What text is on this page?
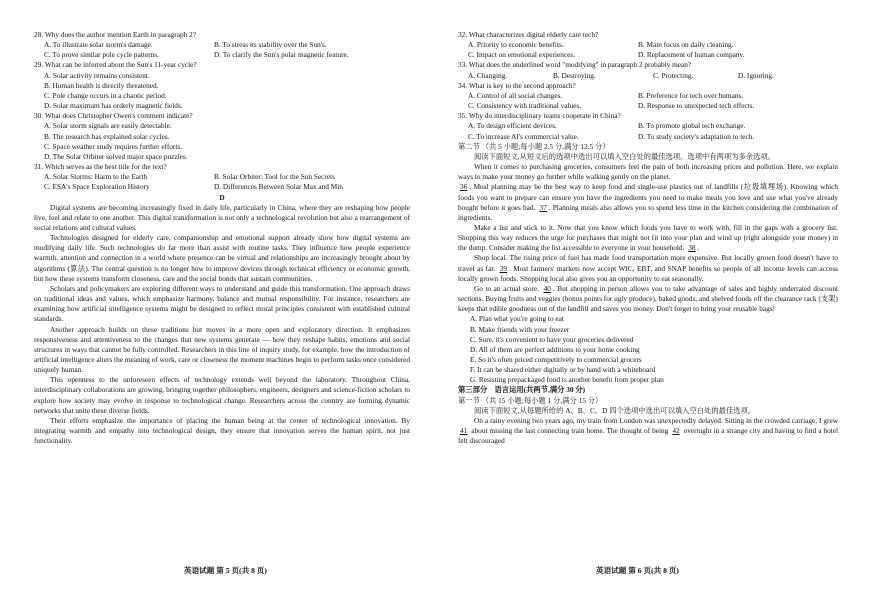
28. Why does the author mention Earth in paragraph 2?
A. To illustrate solar storm's damage.	B. To stress its stability over the Sun's.
C. To prove similar pole cycle patterns.	D. To clarify the Sun's polar magnetic feature.
29. What can be inferred about the Sun's 11-year cycle?
A. Solar activity remains consistent.
B. Human health is directly threatened.
C. Pole change occurs in a chaotic period.
D. Solar maximum has orderly magnetic fields.
30. What does Christopher Owen's comment indicate?
A. Solar storm signals are easily detectable.
B. The research has explained solar cycles.
C. Space weather study requires further efforts.
D. The Solar Orbiter solved major space puzzles.
31. Which serves as the best title for the text?
A. Solar Storms: Harm to the Earth	B. Solar Orbiter: Tool for the Sun Secrets
C. ESA's Space Exploration History	D. Differences Between Solar Max and Min
D
Digital systems are becoming increasingly fixed in daily life, particularly in China, where they are reshaping how people live, feel and relate to one another. This digital transformation is not only a technological revolution but also a rearrangement of social relations and cultural values.
Technologies designed for elderly care, companionship and emotional support already show how digital systems are modifying daily life. Such technologies do far more than assist with routine tasks. They influence how people experience warmth, attention and connection in a world where presence can be virtual and relationships are increasingly brought about by algorithms (算法). The central question is no longer how to improve devices through technical efficiency or economic growth, but how these systems transform closeness, care and the social bonds that sustain communities.
Scholars and policymakers are exploring different ways to understand and guide this transformation. One approach draws on traditional ideas and values, which emphasize harmony, balance and mutual responsibility. For instance, researchers are examining how artificial intelligence systems might be designed to reflect moral principles consistent with established cultural standards.
Another approach builds on these traditions but moves in a more open and exploratory direction. It emphasizes responsiveness and attentiveness to the changes that new systems generate — how they reshape habits, emotions and social structures in ways that cannot be fully controlled. Researchers in this line of inquiry study, for example, how the introduction of artificial intelligence alters the meaning of work, care or closeness the moment machines begin to perform tasks once considered uniquely human.
This openness to the unforeseen effects of technology extends well beyond the laboratory. Throughout China, interdisciplinary collaborations are growing, bringing together philosophers, engineers, designers and science-fiction scholars to explore how society may evolve in response to technological change. Researchers across the country are forming dynamic networks that unite these diverse fields.
Their efforts emphasize the importance of placing the human being at the center of technological innovation. By integrating warmth and empathy into technological design, they ensure that innovation serves the human spirit, not just functionality.
32. What characterizes digital elderly care tech?
A. Priority to economic benefits.	B. Main focus on daily cleaning.
C. Impact on emotional experiences.	D. Replacement of human company.
33. What does the underlined word "modifying" in paragraph 2 probably mean?
A. Changing.	B. Destroying.	C. Protecting.	D. Ignoring.
34. What is key to the second approach?
A. Control of all social changes.	B. Preference for tech over humans.
C. Consistency with traditional values.	D. Response to unexpected tech effects.
35. Why do interdisciplinary teams cooperate in China?
A. To design efficient devices.	B. To promote global tech exchange.
C. To increase AI's commercial value.	D. To study society's adaptation to tech.
第二节 （共 5 小题;每小题 2.5 分,满分 12.5 分）
阅读下面短文,从短文后的选项中选出可以填入空白处的最佳选项。选项中有两项为多余选项。
When it comes to purchasing groceries, consumers feel the pain of both increasing prices and pollution. Here, we explain ways to make your money go further while walking gently on the planet.
36 . Meal planning may be the best way to keep food and single-use plastics out of landfills (垃圾填埋场). Knowing which foods you want to prepare can ensure you have the ingredients you need to make meals you love and use what you've already bought before it goes bad. 37 . Planning meals also allows you to spend less time in the kitchen considering the combination of ingredients.
Make a list and stick to it. Now that you know which foods you have to work with, fill in the gaps with a grocery list. Shopping this way reduces the urge for purchases that might not fit into your plan and wind up (right alongside your money) in the dump. Consider making the list accessible to everyone in your household. 38 .
Shop local. The rising price of fuel has made food transportation more expensive. But locally grown food doesn't have to travel as far. 39 . Most farmers' markets now accept WIC, EBT, and SNAP benefits so people of all income levels can access locally grown foods. Shopping local also gives you an opportunity to eat seasonally.
Go to an actual store. 40 . But shopping in person allows you to take advantage of sales and highly underrated discount sections. Buying fruits and veggies (bonus points for ugly produce), baked goods, and shelved foods off the clearance rack (支架) keeps that edible goodness out of the landfill and saves you money. Don't forget to bring your reusable bags!
A. Plan what you're going to eat
B. Make friends with your freezer
C. Sure, it's convenient to have your groceries delivered
D. All of them are perfect additions to your home cooking
E. So it's often priced competitively to commercial grocers
F. It can be shared either digitally or by hand with a whiteboard
G. Resisting prepackaged food is another benefit from proper plan
第三部分　语言运用(共两节,满分 30 分)
第一节 （共 15 小题;每小题 1 分,满分 15 分）
阅读下面短文,从每题所给的 A、B、C、D 四个选项中选出可以填入空白处的最佳选项。
On a rainy evening two years ago, my train from London was unexpectedly delayed. Sitting in the crowded carriage, I grew 41 about missing the last connecting train home. The thought of being 42 overnight in a strange city and having to find a hotel felt discouraged
英语试题 第 5 页(共 8 页)	英语试题 第 6 页(共 8 页)
